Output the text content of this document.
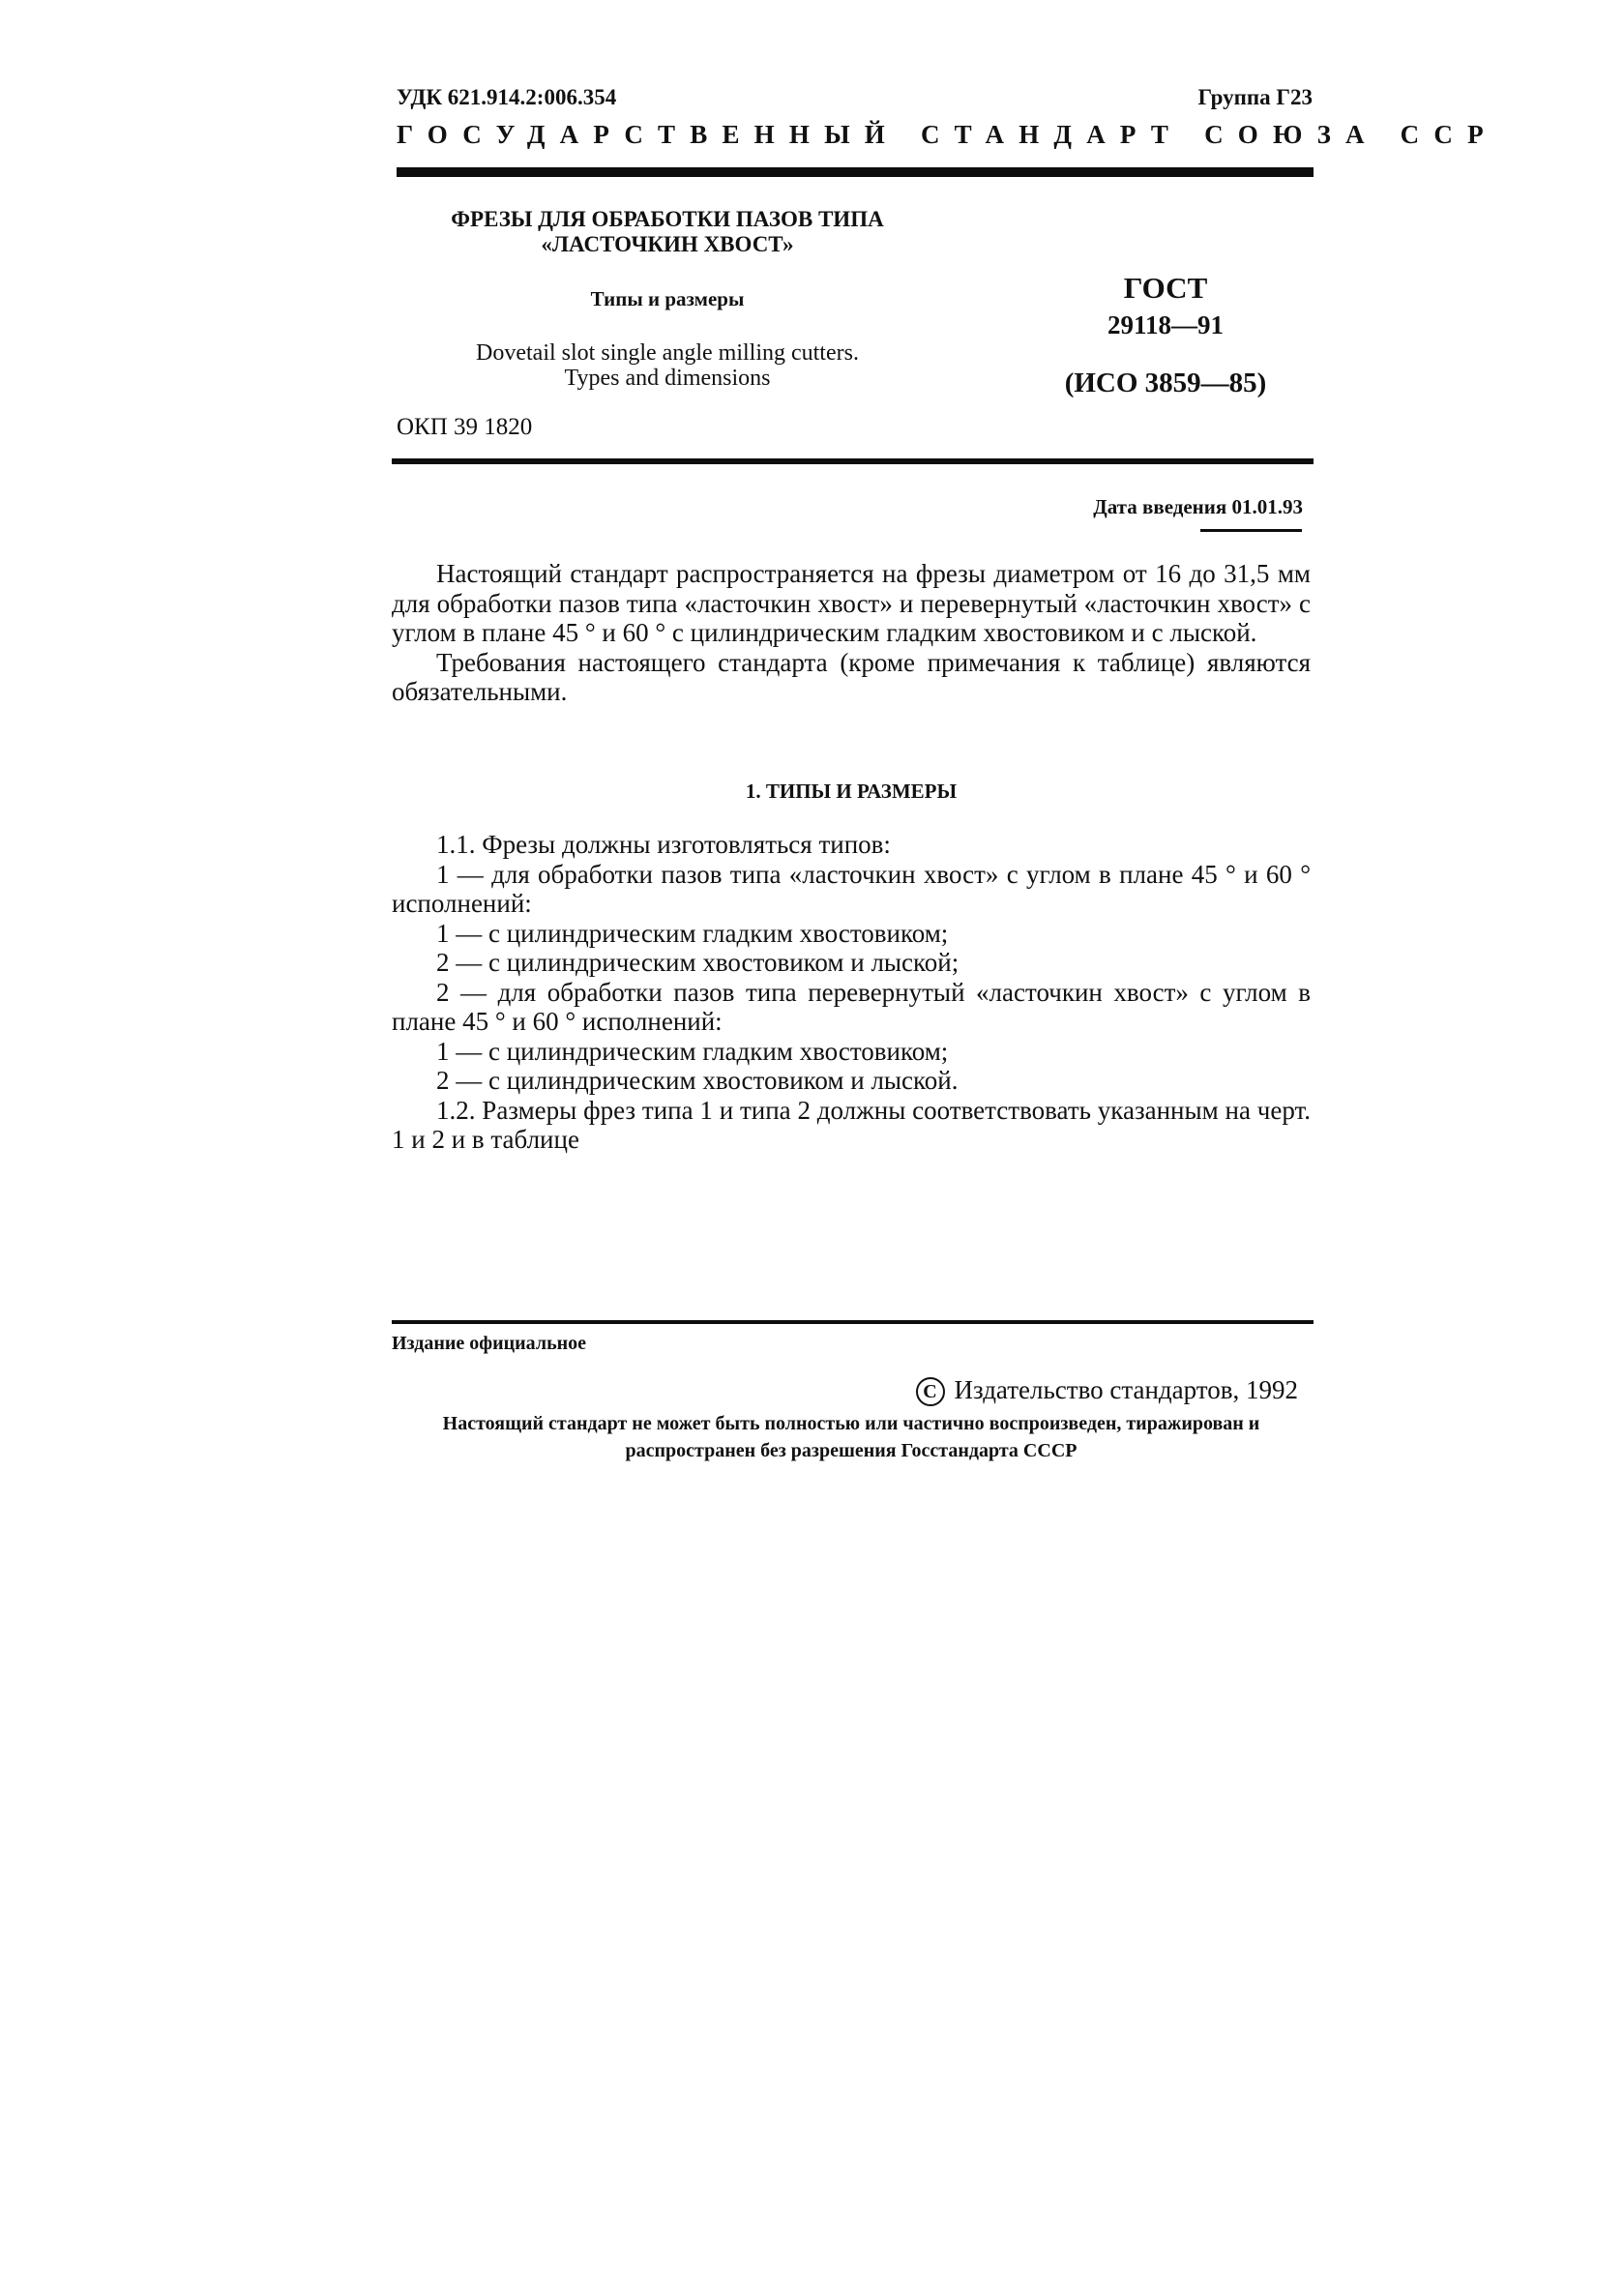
УДК 621.914.2:006.354	Группа Г23
ГОСУДАРСТВЕННЫЙ СТАНДАРТ СОЮЗА ССР
ФРЕЗЫ ДЛЯ ОБРАБОТКИ ПАЗОВ ТИПА
«ЛАСТОЧКИН ХВОСТ»
Типы и размеры
Dovetail slot single angle milling cutters.
Types and dimensions
ГОСТ
29118—91
(ИСО 3859—85)
ОКП 39 1820
Дата введения 01.01.93

Настоящий стандарт распространяется на фрезы диаметром от 16 до 31,5 мм для обработки пазов типа «ласточкин хвост» и перевернутый «ласточкин хвост» с углом в плане 45 ° и 60 ° с цилиндрическим гладким хвостовиком и с лыской.

Требования настоящего стандарта (кроме примечания к таблице) являются обязательными.

1. ТИПЫ И РАЗМЕРЫ

1.1. Фрезы должны изготовляться типов:

1 — для обработки пазов типа «ласточкин хвост» с углом в плане 45 ° и 60 ° исполнений:

1 — с цилиндрическим гладким хвостовиком;

2 — с цилиндрическим хвостовиком и лыской;

2 — для обработки пазов типа перевернутый «ласточкин хвост» с углом в плане 45 ° и 60 ° исполнений:

1 — с цилиндрическим гладким хвостовиком;

2 — с цилиндрическим хвостовиком и лыской.

1.2. Размеры фрез типа 1 и типа 2 должны соответствовать указанным на черт. 1 и 2 и в таблице

Издание официальное
C Издательство стандартов, 1992
Настоящий стандарт не может быть полностью или частично воспроизведен, тиражирован и распространен без разрешения Госстандарта СССР
